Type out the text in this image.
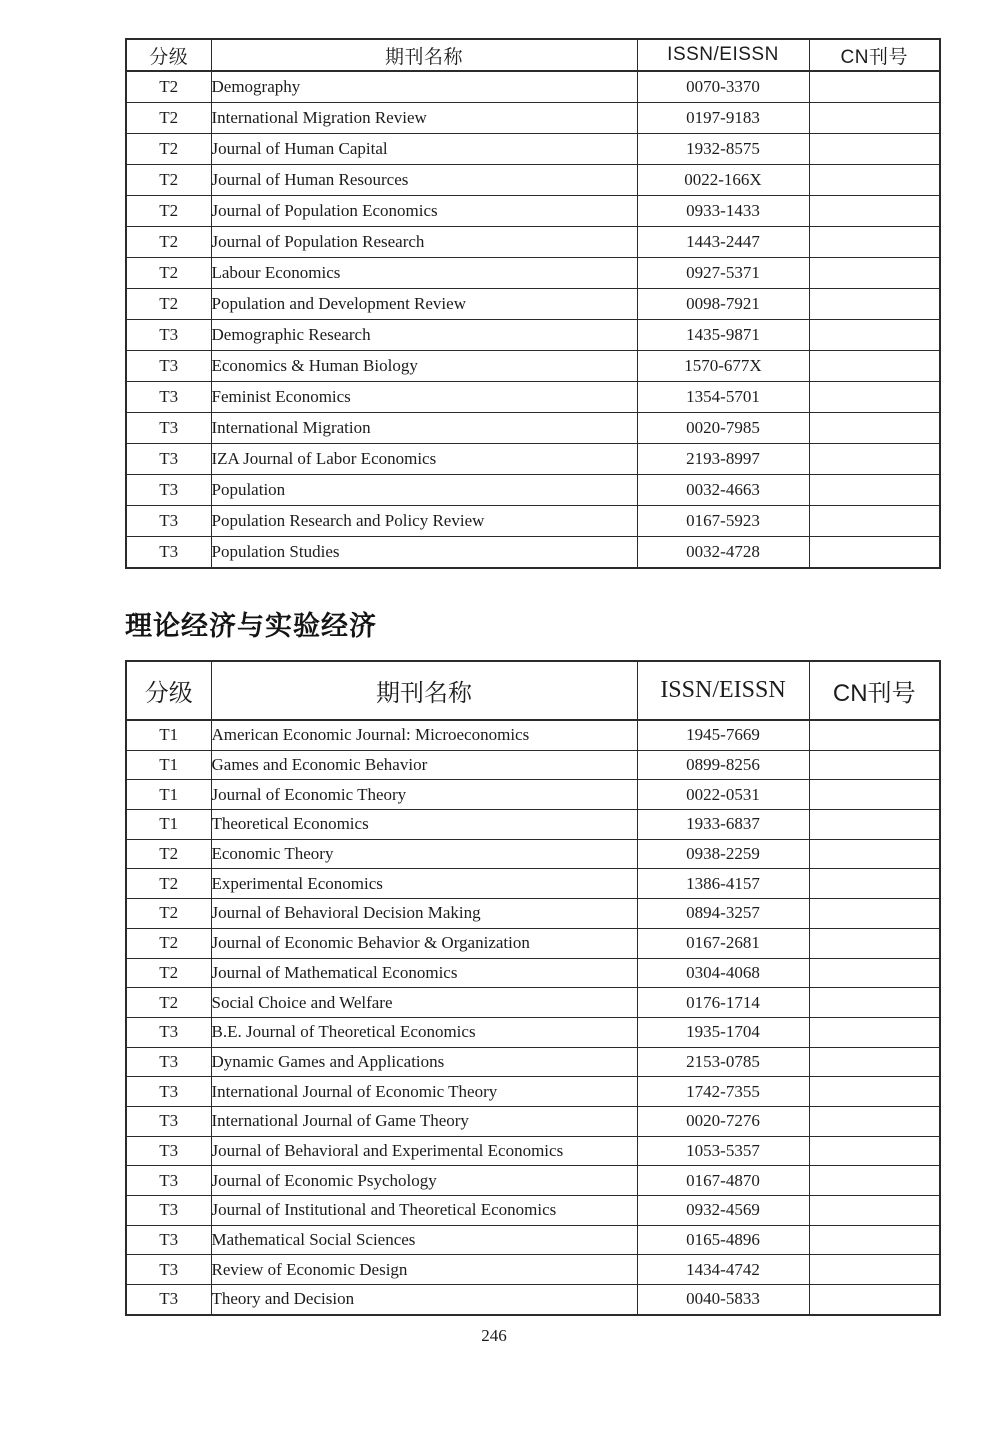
分级	期刊名称	ISSN/EISSN	CN刊号
T2	Demography	0070-3370	
T2	International Migration Review	0197-9183	
T2	Journal of Human Capital	1932-8575	
T2	Journal of Human Resources	0022-166X	
T2	Journal of Population Economics	0933-1433	
T2	Journal of Population Research	1443-2447	
T2	Labour Economics	0927-5371	
T2	Population and Development Review	0098-7921	
T3	Demographic Research	1435-9871	
T3	Economics & Human Biology	1570-677X	
T3	Feminist Economics	1354-5701	
T3	International Migration	0020-7985	
T3	IZA Journal of Labor Economics	2193-8997	
T3	Population	0032-4663	
T3	Population Research and Policy Review	0167-5923	
T3	Population Studies	0032-4728	
理论经济与实验经济
分级	期刊名称	ISSN/EISSN	CN刊号
T1	American Economic Journal: Microeconomics	1945-7669	
T1	Games and Economic Behavior	0899-8256	
T1	Journal of Economic Theory	0022-0531	
T1	Theoretical Economics	1933-6837	
T2	Economic Theory	0938-2259	
T2	Experimental Economics	1386-4157	
T2	Journal of Behavioral Decision Making	0894-3257	
T2	Journal of Economic Behavior & Organization	0167-2681	
T2	Journal of Mathematical Economics	0304-4068	
T2	Social Choice and Welfare	0176-1714	
T3	B.E. Journal of Theoretical Economics	1935-1704	
T3	Dynamic Games and Applications	2153-0785	
T3	International Journal of Economic Theory	1742-7355	
T3	International Journal of Game Theory	0020-7276	
T3	Journal of Behavioral and Experimental Economics	1053-5357	
T3	Journal of Economic Psychology	0167-4870	
T3	Journal of Institutional and Theoretical Economics	0932-4569	
T3	Mathematical Social Sciences	0165-4896	
T3	Review of Economic Design	1434-4742	
T3	Theory and Decision	0040-5833	
246
